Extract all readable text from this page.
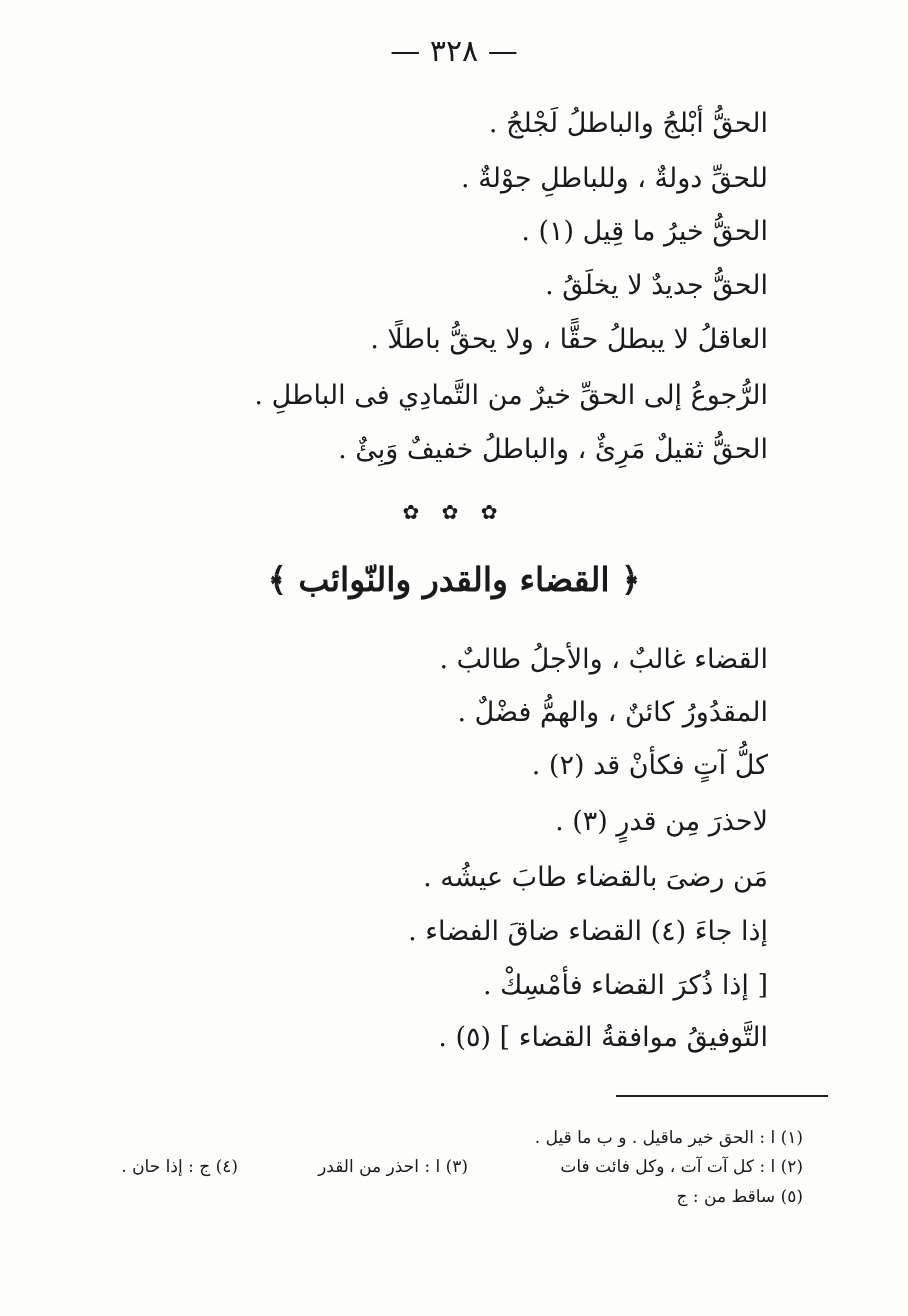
— ٣٢٨ —
الحقُّ أبْلجُ والباطلُ لَجْلجُ .
للحقِّ دولةٌ ، وللباطلِ جوْلةٌ .
الحقُّ خيرُ ما قِيل (١) .
الحقُّ جديدٌ لا يخلَقُ .
العاقلُ لا يبطلُ حقًّا ، ولا يحقُّ باطلًا .
الرُّجوعُ إلى الحقِّ خيرٌ من التَّمادِي فى الباطلِ .
الحقُّ ثقيلٌ مَرِئٌ ، والباطلُ خفيفٌ وَبِئٌ .
✿ ✿ ✿
﴿ القضاء والقدر والنّوائب ﴾
القضاء غالبٌ ، والأجلُ طالبٌ .
المقدُورُ كائنٌ ، والهمُّ فضْلٌ .
كلُّ آتٍ فكأنْ قد (٢) .
لاحذرَ مِن قدرٍ (٣) .
مَن رضىَ بالقضاء طابَ عيشُه .
إذا جاءَ (٤) القضاء ضاقَ الفضاء .
[ إذا ذُكرَ القضاء فأمْسِكْ .
التَّوفيقُ موافقةُ القضاء ] (٥) .
(١) ا : الحق خير ماقيل . و ب ما قيل .
(٢) ا : كل آت آت ، وكل فائت فات
(٣) ا : احذر من القدر
(٤) ج : إذا حان .
(٥) ساقط من : ج
